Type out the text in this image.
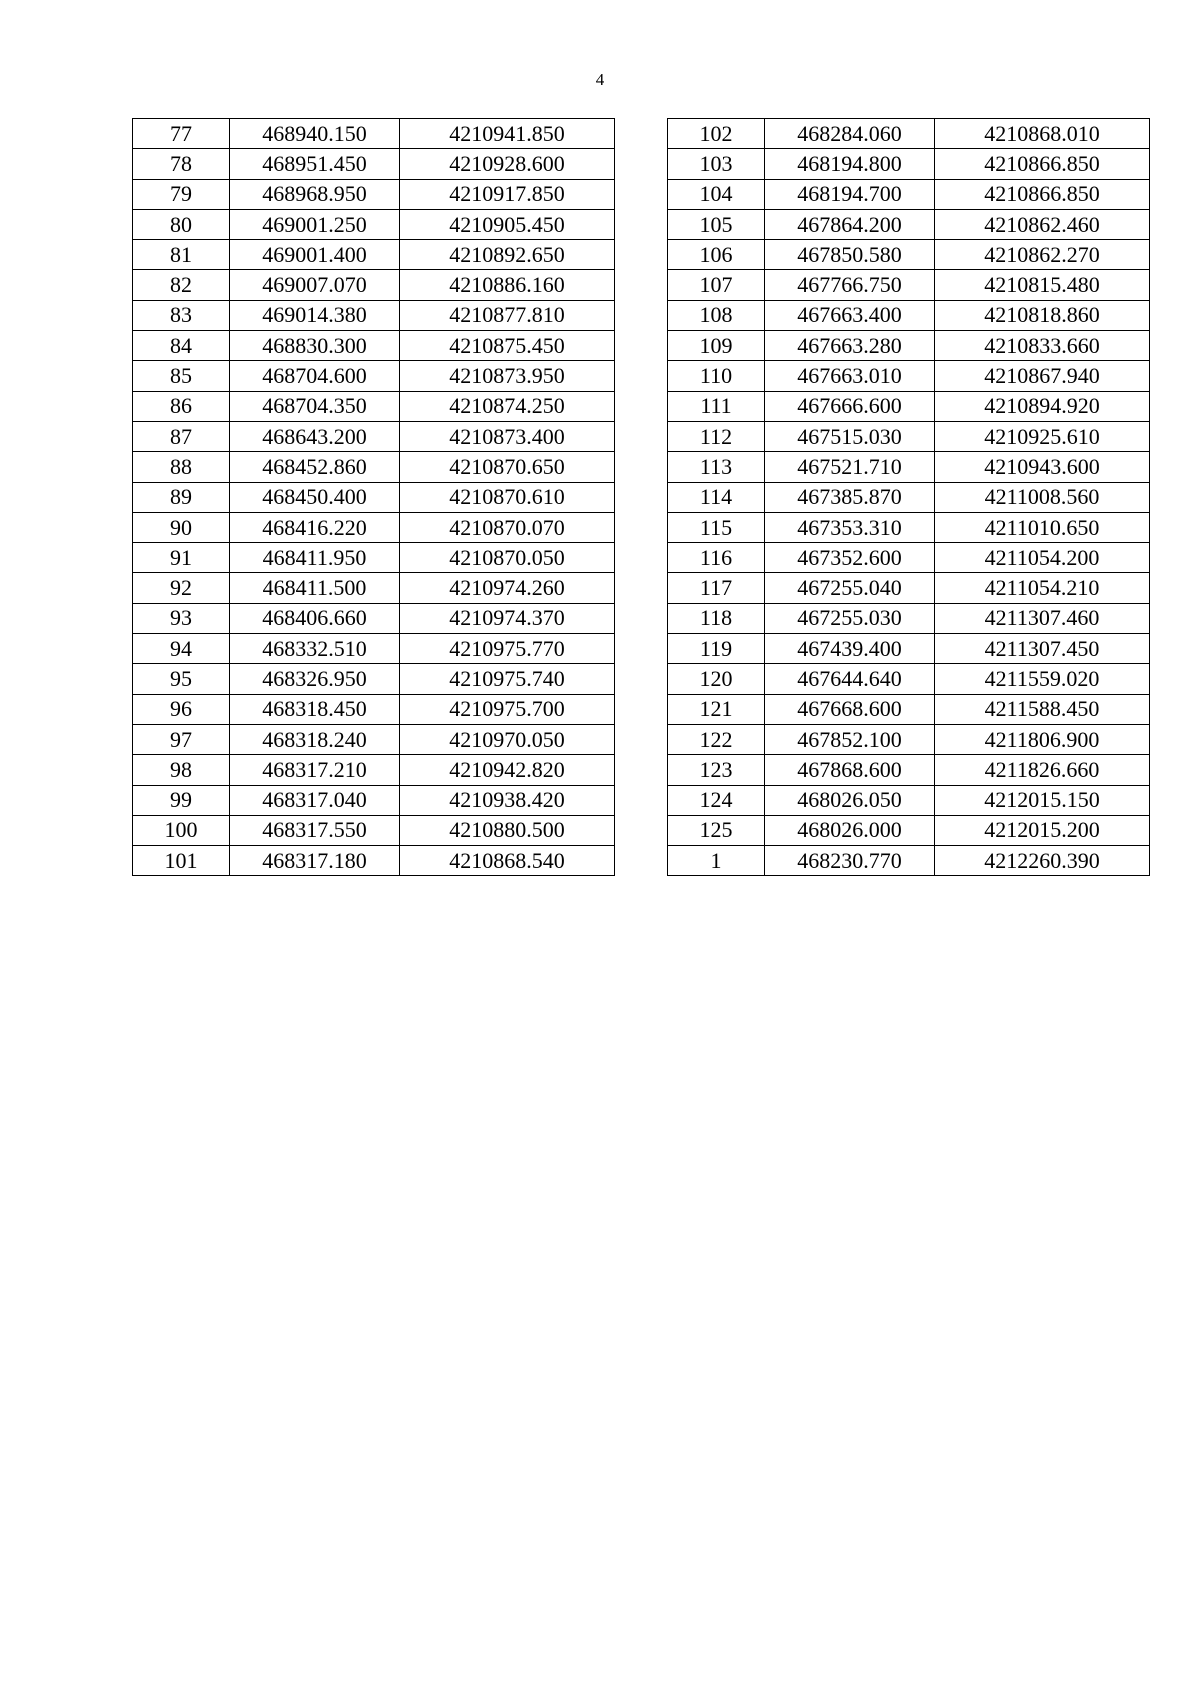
4
77	468940.150	4210941.850
78	468951.450	4210928.600
79	468968.950	4210917.850
80	469001.250	4210905.450
81	469001.400	4210892.650
82	469007.070	4210886.160
83	469014.380	4210877.810
84	468830.300	4210875.450
85	468704.600	4210873.950
86	468704.350	4210874.250
87	468643.200	4210873.400
88	468452.860	4210870.650
89	468450.400	4210870.610
90	468416.220	4210870.070
91	468411.950	4210870.050
92	468411.500	4210974.260
93	468406.660	4210974.370
94	468332.510	4210975.770
95	468326.950	4210975.740
96	468318.450	4210975.700
97	468318.240	4210970.050
98	468317.210	4210942.820
99	468317.040	4210938.420
100	468317.550	4210880.500
101	468317.180	4210868.540
102	468284.060	4210868.010
103	468194.800	4210866.850
104	468194.700	4210866.850
105	467864.200	4210862.460
106	467850.580	4210862.270
107	467766.750	4210815.480
108	467663.400	4210818.860
109	467663.280	4210833.660
110	467663.010	4210867.940
111	467666.600	4210894.920
112	467515.030	4210925.610
113	467521.710	4210943.600
114	467385.870	4211008.560
115	467353.310	4211010.650
116	467352.600	4211054.200
117	467255.040	4211054.210
118	467255.030	4211307.460
119	467439.400	4211307.450
120	467644.640	4211559.020
121	467668.600	4211588.450
122	467852.100	4211806.900
123	467868.600	4211826.660
124	468026.050	4212015.150
125	468026.000	4212015.200
1	468230.770	4212260.390
